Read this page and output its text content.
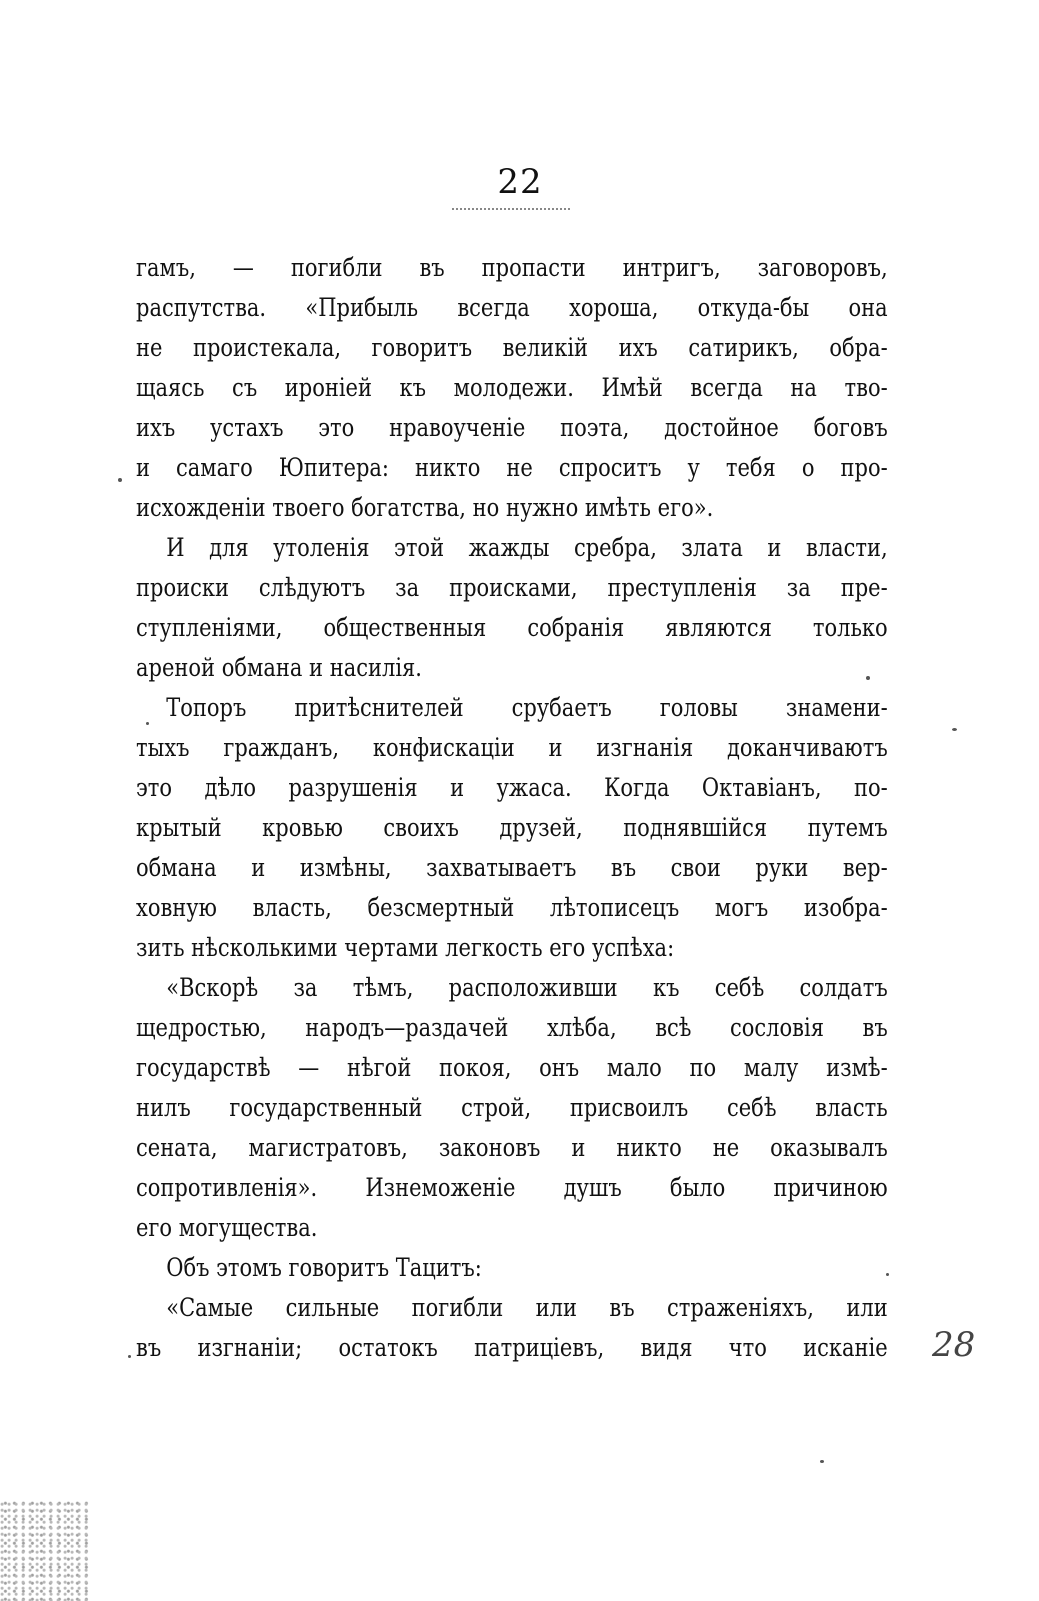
22
гамъ, — погибли въ пропасти интригъ, заговоровъ,
распутства. «Прибыль всегда хороша, откуда-бы она
не проистекала, говоритъ великій ихъ сатирикъ, обра-
щаясь съ ироніей къ молодежи. Имѣй всегда на тво-
ихъ устахъ это нравоученіе поэта, достойное боговъ
и самаго Юпитера: никто не спроситъ у тебя о про-
исхожденіи твоего богатства, но нужно имѣть его».
И для утоленія этой жажды сребра, злата и власти,
происки слѣдуютъ за происками, преступленія за пре-
ступленіями, общественныя собранія являются только
ареной обмана и насилія.
Топоръ притѣснителей срубаетъ головы знамени-
тыхъ гражданъ, конфискаціи и изгнанія доканчиваютъ
это дѣло разрушенія и ужаса. Когда Октавіанъ, по-
крытый кровью своихъ друзей, поднявшійся путемъ
обмана и измѣны, захватываетъ въ свои руки вер-
ховную власть, безсмертный лѣтописецъ могъ изобра-
зить нѣсколькими чертами легкость его успѣха:
«Вскорѣ за тѣмъ, расположивши къ себѣ солдатъ
щедростью, народъ—раздачей хлѣба, всѣ сословія въ
государствѣ — нѣгой покоя, онъ мало по малу измѣ-
нилъ государственный строй, присвоилъ себѣ власть
сената, магистратовъ, законовъ и никто не оказывалъ
сопротивленія». Изнеможеніе душъ было причиною
его могущества.
Объ этомъ говоритъ Тацитъ:
«Самые сильные погибли или въ страженіяхъ, или
въ изгнаніи; остатокъ патриціевъ, видя что исканіе 28
